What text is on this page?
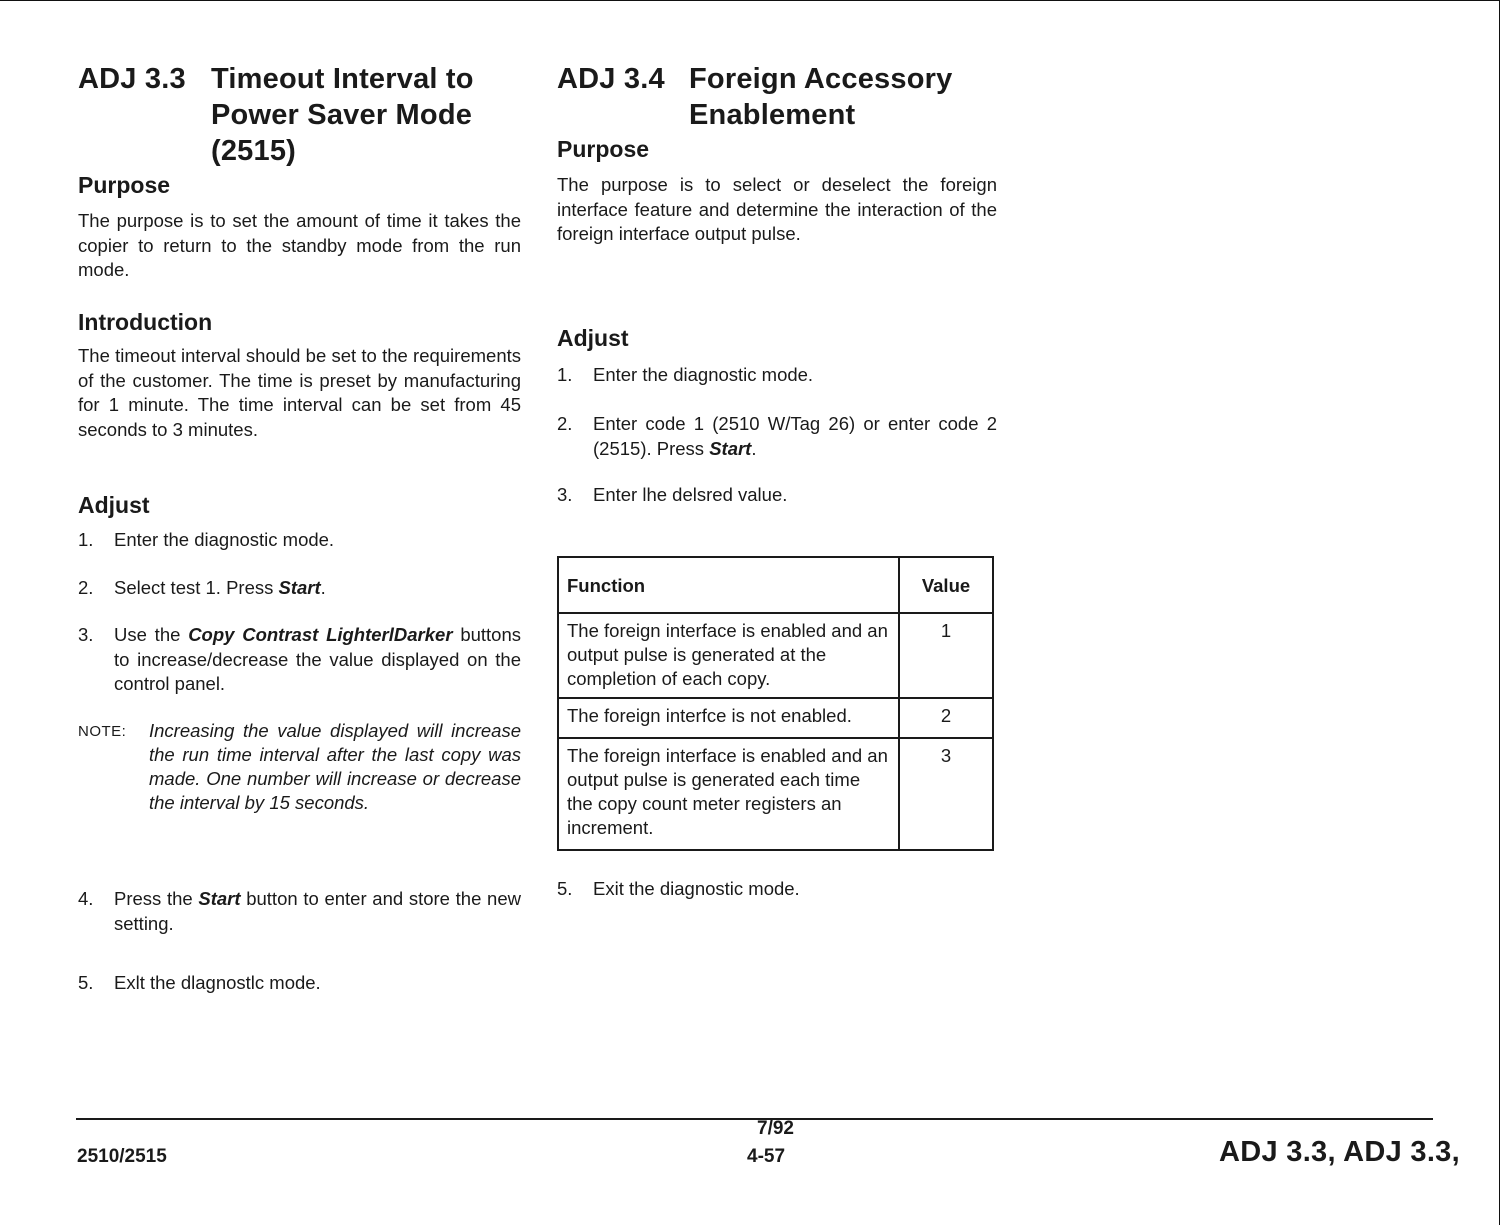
ADJ 3.3 Timeout Interval to Power Saver Mode (2515)
Purpose

The purpose is to set the amount of time it takes the copier to return to the standby mode from the run mode.

Introduction

The timeout interval should be set to the requirements of the customer. The time is preset by manufacturing for 1 minute. The time interval can be set from 45 seconds to 3 minutes.

Adjust
1.	Enter the diagnostic mode.
2.	Select test 1. Press Start.
3.	Use the Copy Contrast LighterlDarker buttons to increase/decrease the value displayed on the control panel.
NOTE:	Increasing the value displayed will increase the run time interval after the last copy was made. One number will increase or decrease the interval by 15 seconds.
4.	Press the Start button to enter and store the new setting.
5.	Exlt the dlagnostlc mode.
ADJ 3.4 Foreign Accessory Enablement
Purpose

The purpose is to select or deselect the foreign interface feature and determine the interaction of the foreign interface output pulse.

Adjust
1.	Enter the diagnostic mode.
2.	Enter code 1 (2510 W/Tag 26) or enter code 2 (2515). Press Start.
3.	Enter lhe delsred value.
Function	Value
The foreign interface is enabled and an output pulse is generated at the completion of each copy.	1
The foreign interfce is not enabled.	2
The foreign interface is enabled and an output pulse is generated each time the copy count meter registers an increment.	3
5.	Exit the diagnostic mode.
2510/2515
7/92
4-57	ADJ 3.3, ADJ 3.3,
